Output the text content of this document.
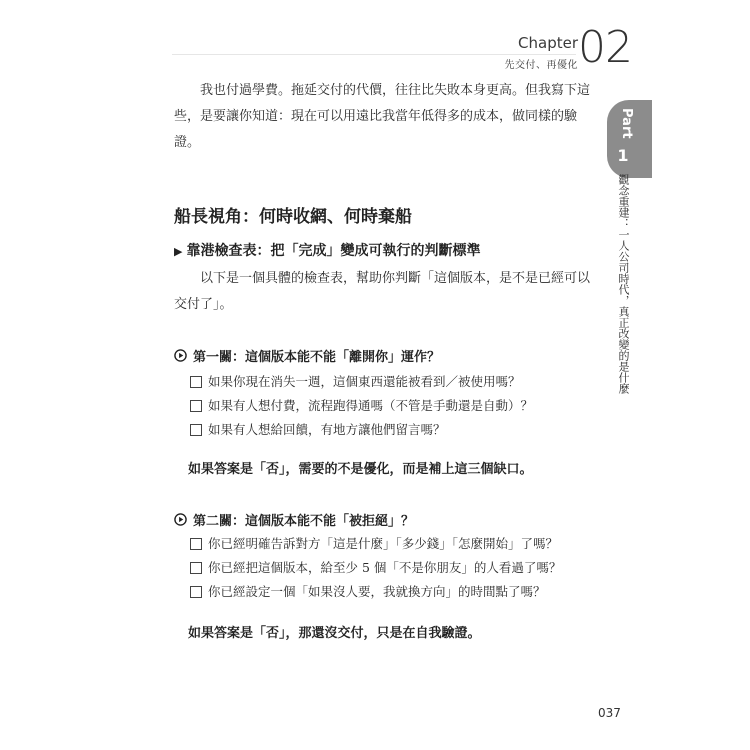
Chapter
先交付、再優化 02
Part
1
觀念重建：一人公司時代，真正改變的是什麼

我也付過學費。拖延交付的代價，往往比失敗本身更高。但我寫下這些，是要讓你知道：現在可以用遠比我當年低得多的成本，做同樣的驗證。

船長視角：何時收網、何時棄船
▶ 靠港檢查表：把「完成」變成可執行的判斷標準

以下是一個具體的檢查表，幫助你判斷「這個版本，是不是已經可以交付了」。

第一關：這個版本能不能「離開你」運作？
如果你現在消失一週，這個東西還能被看到／被使用嗎？
如果有人想付費，流程跑得通嗎（不管是手動還是自動）？
如果有人想給回饋，有地方讓他們留言嗎？
如果答案是「否」，需要的不是優化，而是補上這三個缺口。
第二關：這個版本能不能「被拒絕」？
你已經明確告訴對方「這是什麼」「多少錢」「怎麼開始」了嗎？
你已經把這個版本，給至少 5 個「不是你朋友」的人看過了嗎？
你已經設定一個「如果沒人要，我就換方向」的時間點了嗎？
如果答案是「否」，那還沒交付，只是在自我驗證。
037
